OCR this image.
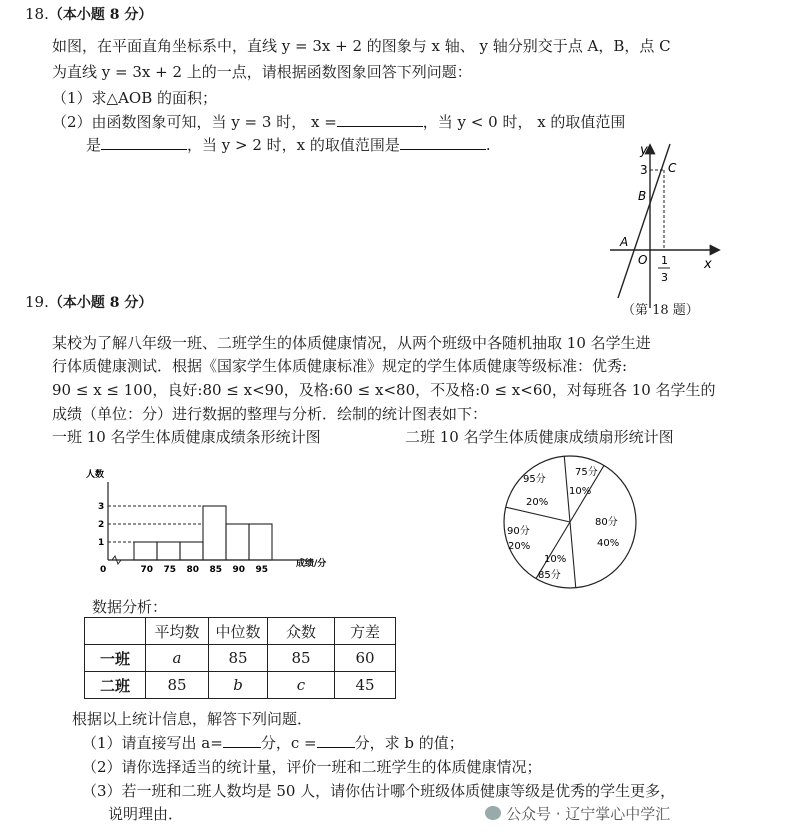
18.（本小题 8 分）
如图，在平面直角坐标系中，直线 y = 3x + 2 的图象与 x 轴、 y 轴分别交于点 A，B，点 C
为直线 y = 3x + 2 上的一点，请根据函数图象回答下列问题：
（1）求△AOB 的面积；
（2）由函数图象可知，当 y = 3 时， x =	，当 y < 0 时， x 的取值范围
是	，当 y > 2 时，x 的取值范围是	.	y
x
3 C
B
A
O 1
3
（第 18 题）
19.（本小题 8 分）
某校为了解八年级一班、二班学生的体质健康情况，从两个班级中各随机抽取 10 名学生进
行体质健康测试．根据《国家学生体质健康标准》规定的学生体质健康等级标准：优秀:
90 ≤ x ≤ 100，良好:80 ≤ x<90，及格:60 ≤ x<80，不及格:0 ≤ x<60，对每班各 10 名学生的
成绩（单位：分）进行数据的整理与分析．绘制的统计图表如下：
一班 10 名学生体质健康成绩条形统计图	二班 10 名学生体质健康成绩扇形统计图
0
1
2
3
70 75 80 85 90 95
人数
成绩/分
75分
10%
80分
40%
10%
85分
90分
20%
95分
20%
数据分析：
	平均数	中位数	众数	方差
一班	a	85	85	60
二班	85	b	c	45
根据以上统计信息，解答下列问题．
（1）请直接写出 a=	分，c =	分，求 b 的值；
（2）请你选择适当的统计量，评价一班和二班学生的体质健康情况；
（3）若一班和二班人数均是 50 人，请你估计哪个班级体质健康等级是优秀的学生更多，
说明理由．	公众号 · 辽宁掌心中学汇
